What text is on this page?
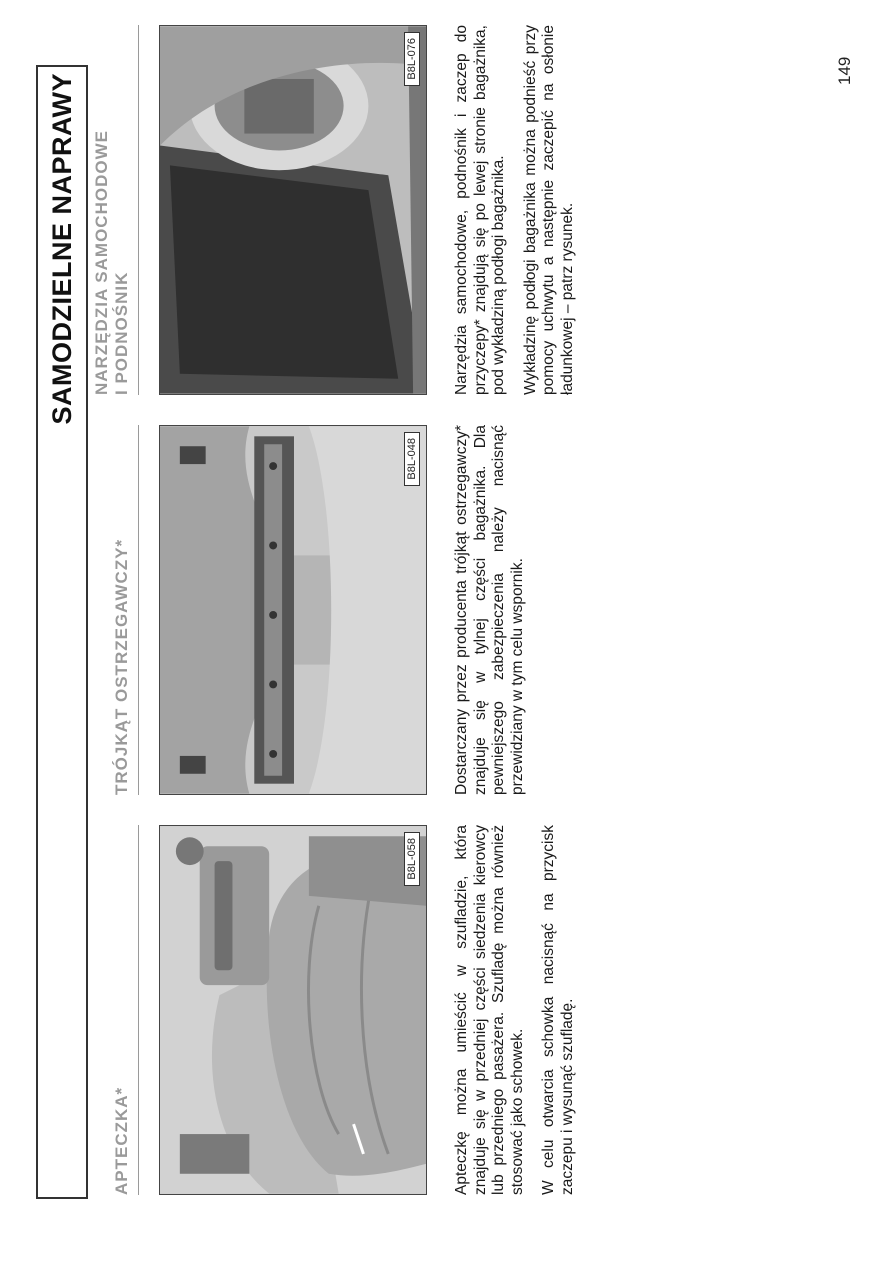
SAMODZIELNE NAPRAWY
APTECZKA*
B8L-058 Apteczkę można umieścić w szufladzie, która znajduje się w przedniej części siedzenia kierowcy lub przedniego pasażera. Szufladę można również stosować jako schowek. W celu otwarcia schowka nacisnąć na przycisk zaczepu i wysunąć szufladę.

TRÓJKĄT OSTRZEGAWCZY*
B8L-048 Dostarczany przez producenta trójkąt ostrzegawczy* znajduje się w tylnej części bagażnika. Dla pewniejszego zabezpieczenia należy nacisnąć przewidziany w tym celu wspornik.

NARZĘDZIA SAMOCHODOWE
I PODNOŚNIK
B8L-076 Narzędzia samochodowe, podnośnik i zaczep do przyczepy* znajdują się po lewej stronie bagażnika, pod wykładziną podłogi bagażnika. Wykładzinę podłogi bagażnika można podnieść przy pomocy uchwytu a następnie zaczepić na osłonie ładunkowej – patrz rysunek.

149
